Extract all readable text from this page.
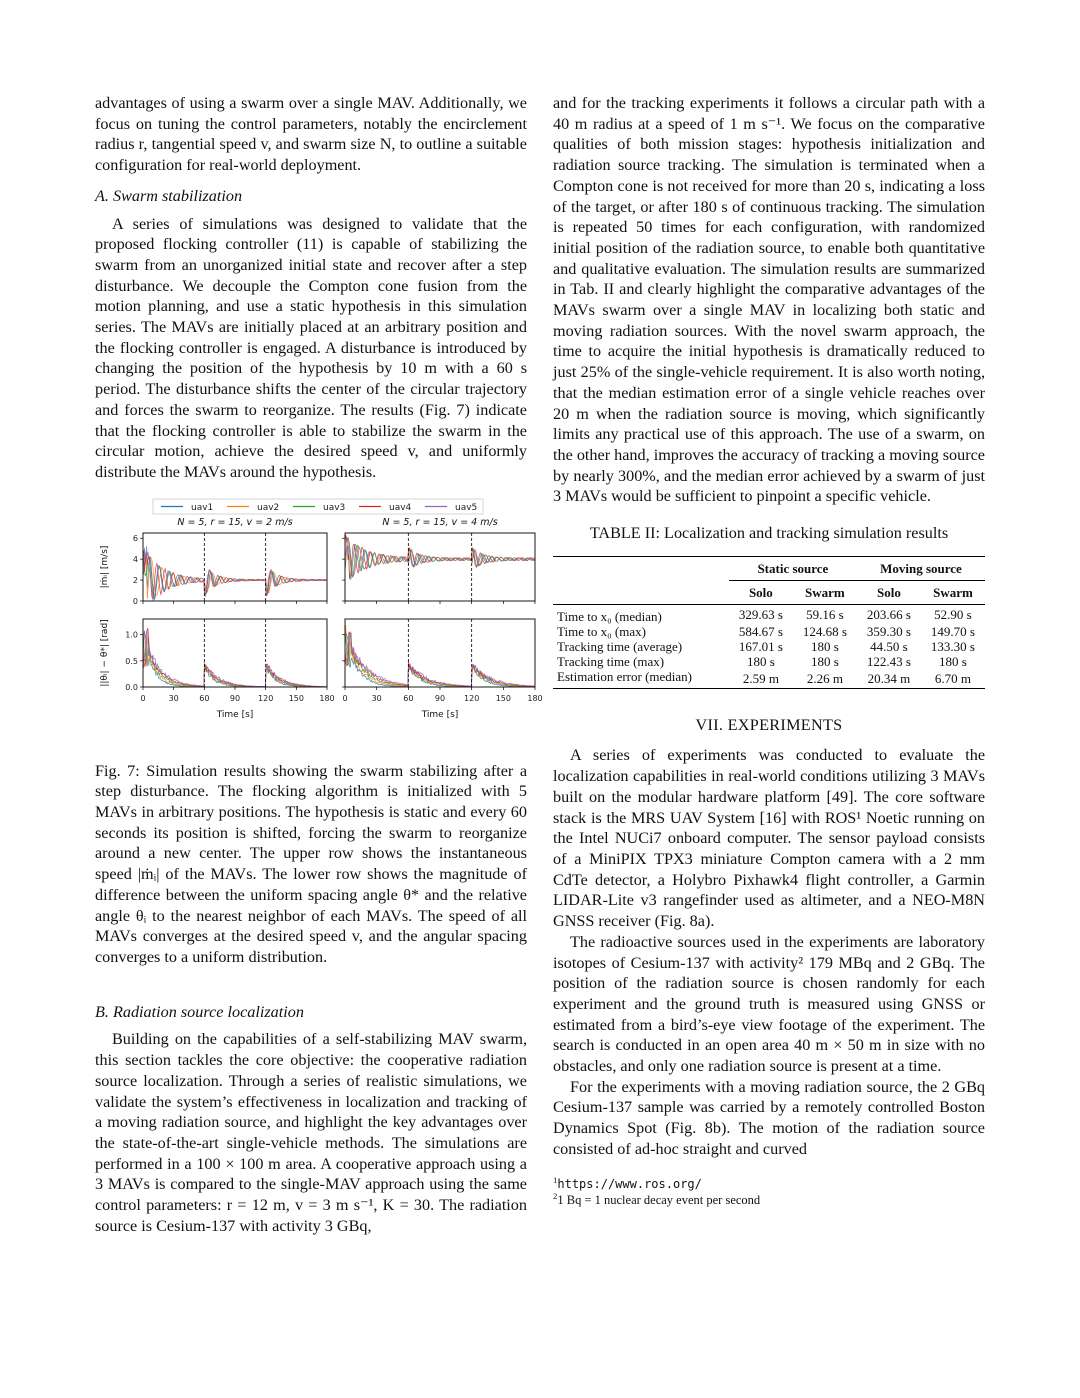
advantages of using a swarm over a single MAV. Additionally, we focus on tuning the control parameters, notably the encirclement radius r, tangential speed v, and swarm size N, to outline a suitable configuration for real-world deployment.

A. Swarm stabilization

A series of simulations was designed to validate that the proposed flocking controller (11) is capable of stabilizing the swarm from an unorganized initial state and recover after a step disturbance. We decouple the Compton cone fusion from the motion planning, and use a static hypothesis in this simulation series. The MAVs are initially placed at an arbitrary position and the flocking controller is engaged. A disturbance is introduced by changing the position of the hypothesis by 10 m with a 60 s period. The disturbance shifts the center of the circular trajectory and forces the swarm to reorganize. The results (Fig. 7) indicate that the flocking controller is able to stabilize the swarm in the circular motion, achieve the desired speed v, and uniformly distribute the MAVs around the hypothesis.

uav1	uav2	uav3	uav4	uav5
0
2
4
6
N = 5, r = 15, v = 2 m/s	N = 5, r = 15, v = 4 m/s
0.0
0.5
1.0
0	30	60	90 120 150 180
Time [s]
0	30	60	90 120 150 180
Time [s]
|ṁᵢ| [m/s]
||θᵢ| − θ*| [rad]

Fig. 7: Simulation results showing the swarm stabilizing after a step disturbance. The flocking algorithm is initialized with 5 MAVs in arbitrary positions. The hypothesis is static and every 60 seconds its position is shifted, forcing the swarm to reorganize around a new center. The upper row shows the instantaneous speed |ṁᵢ| of the MAVs. The lower row shows the magnitude of difference between the uniform spacing angle θ* and the relative angle θᵢ to the nearest neighbor of each MAVs. The speed of all MAVs converges at the desired speed v, and the angular spacing converges to a uniform distribution.

B. Radiation source localization

Building on the capabilities of a self-stabilizing MAV swarm, this section tackles the core objective: the cooperative radiation source localization. Through a series of realistic simulations, we validate the system’s effectiveness in localization and tracking of a moving radiation source, and highlight the key advantages over the state-of-the-art single-vehicle methods. The simulations are performed in a 100 × 100 m area. A cooperative approach using a 3 MAVs is compared to the single-MAV approach using the same control parameters: r = 12 m, v = 3 m s⁻¹, K = 30. The radiation source is Cesium-137 with activity 3 GBq,

and for the tracking experiments it follows a circular path with a 40 m radius at a speed of 1 m s⁻¹. We focus on the comparative qualities of both mission stages: hypothesis initialization and radiation source tracking. The simulation is terminated when a Compton cone is not received for more than 20 s, indicating a loss of the target, or after 180 s of continuous tracking. The simulation is repeated 50 times for each configuration, with randomized initial position of the radiation source, to enable both quantitative and qualitative evaluation. The simulation results are summarized in Tab. II and clearly highlight the comparative advantages of the MAVs swarm over a single MAV in localizing both static and moving radiation sources. With the novel swarm approach, the time to acquire the initial hypothesis is dramatically reduced to just 25% of the single-vehicle requirement. It is also worth noting, that the median estimation error of a single vehicle reaches over 20 m when the radiation source is moving, which significantly limits any practical use of this approach. The use of a swarm, on the other hand, improves the accuracy of tracking a moving source by nearly 300%, and the median error achieved by a swarm of just 3 MAVs would be sufficient to pinpoint a specific vehicle.

TABLE II: Localization and tracking simulation results
	Static source		Moving source	
	Solo	Swarm	Solo	Swarm
Time to x₀ (median)	329.63 s	59.16 s	203.66 s	52.90 s
Time to x₀ (max)	584.67 s	124.68 s	359.30 s	149.70 s
Tracking time (average)	167.01 s	180 s	44.50 s	133.30 s
Tracking time (max)	180 s	180 s	122.43 s	180 s
Estimation error (median)	2.59 m	2.26 m	20.34 m	6.70 m
VII. EXPERIMENTS

A series of experiments was conducted to evaluate the localization capabilities in real-world conditions utilizing 3 MAVs built on the modular hardware platform [49]. The core software stack is the MRS UAV System [16] with ROS¹ Noetic running on the Intel NUCi7 onboard computer. The sensor payload consists of a MiniPIX TPX3 miniature Compton camera with a 2 mm CdTe detector, a Holybro Pixhawk4 flight controller, a Garmin LIDAR-Lite v3 rangefinder used as altimeter, and a NEO-M8N GNSS receiver (Fig. 8a).

The radioactive sources used in the experiments are laboratory isotopes of Cesium-137 with activity² 179 MBq and 2 GBq. The position of the radiation source is chosen randomly for each experiment and the ground truth is measured using GNSS or estimated from a bird’s-eye view footage of the experiment. The search is conducted in an open area 40 m × 50 m in size with no obstacles, and only one radiation source is present at a time.

For the experiments with a moving radiation source, the 2 GBq Cesium-137 sample was carried by a remotely controlled Boston Dynamics Spot (Fig. 8b). The motion of the radiation source consisted of ad-hoc straight and curved

$^1$https://www.ros.org/
$^2$1 Bq = 1 nuclear decay event per second
